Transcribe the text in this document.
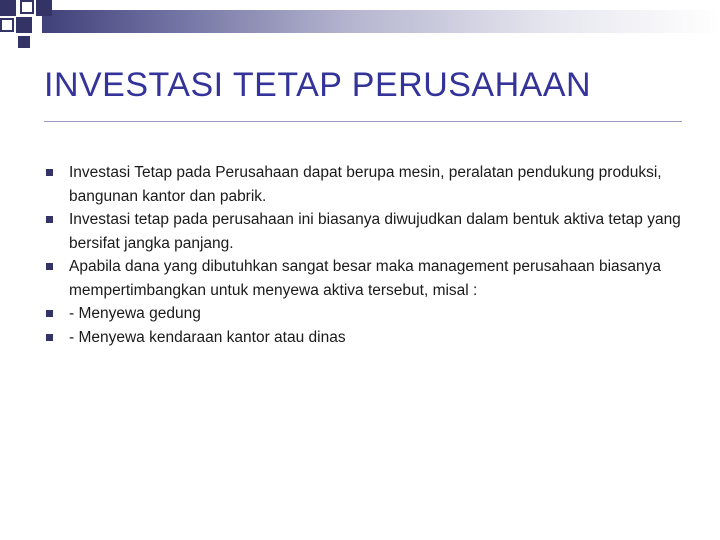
INVESTASI TETAP PERUSAHAAN
Investasi Tetap pada Perusahaan dapat berupa mesin, peralatan pendukung produksi, bangunan kantor dan pabrik.
Investasi tetap pada perusahaan ini biasanya diwujudkan dalam bentuk aktiva tetap yang bersifat jangka panjang.
Apabila dana yang dibutuhkan sangat besar maka management perusahaan biasanya mempertimbangkan untuk menyewa aktiva tersebut, misal :
- Menyewa gedung
- Menyewa kendaraan kantor atau dinas
